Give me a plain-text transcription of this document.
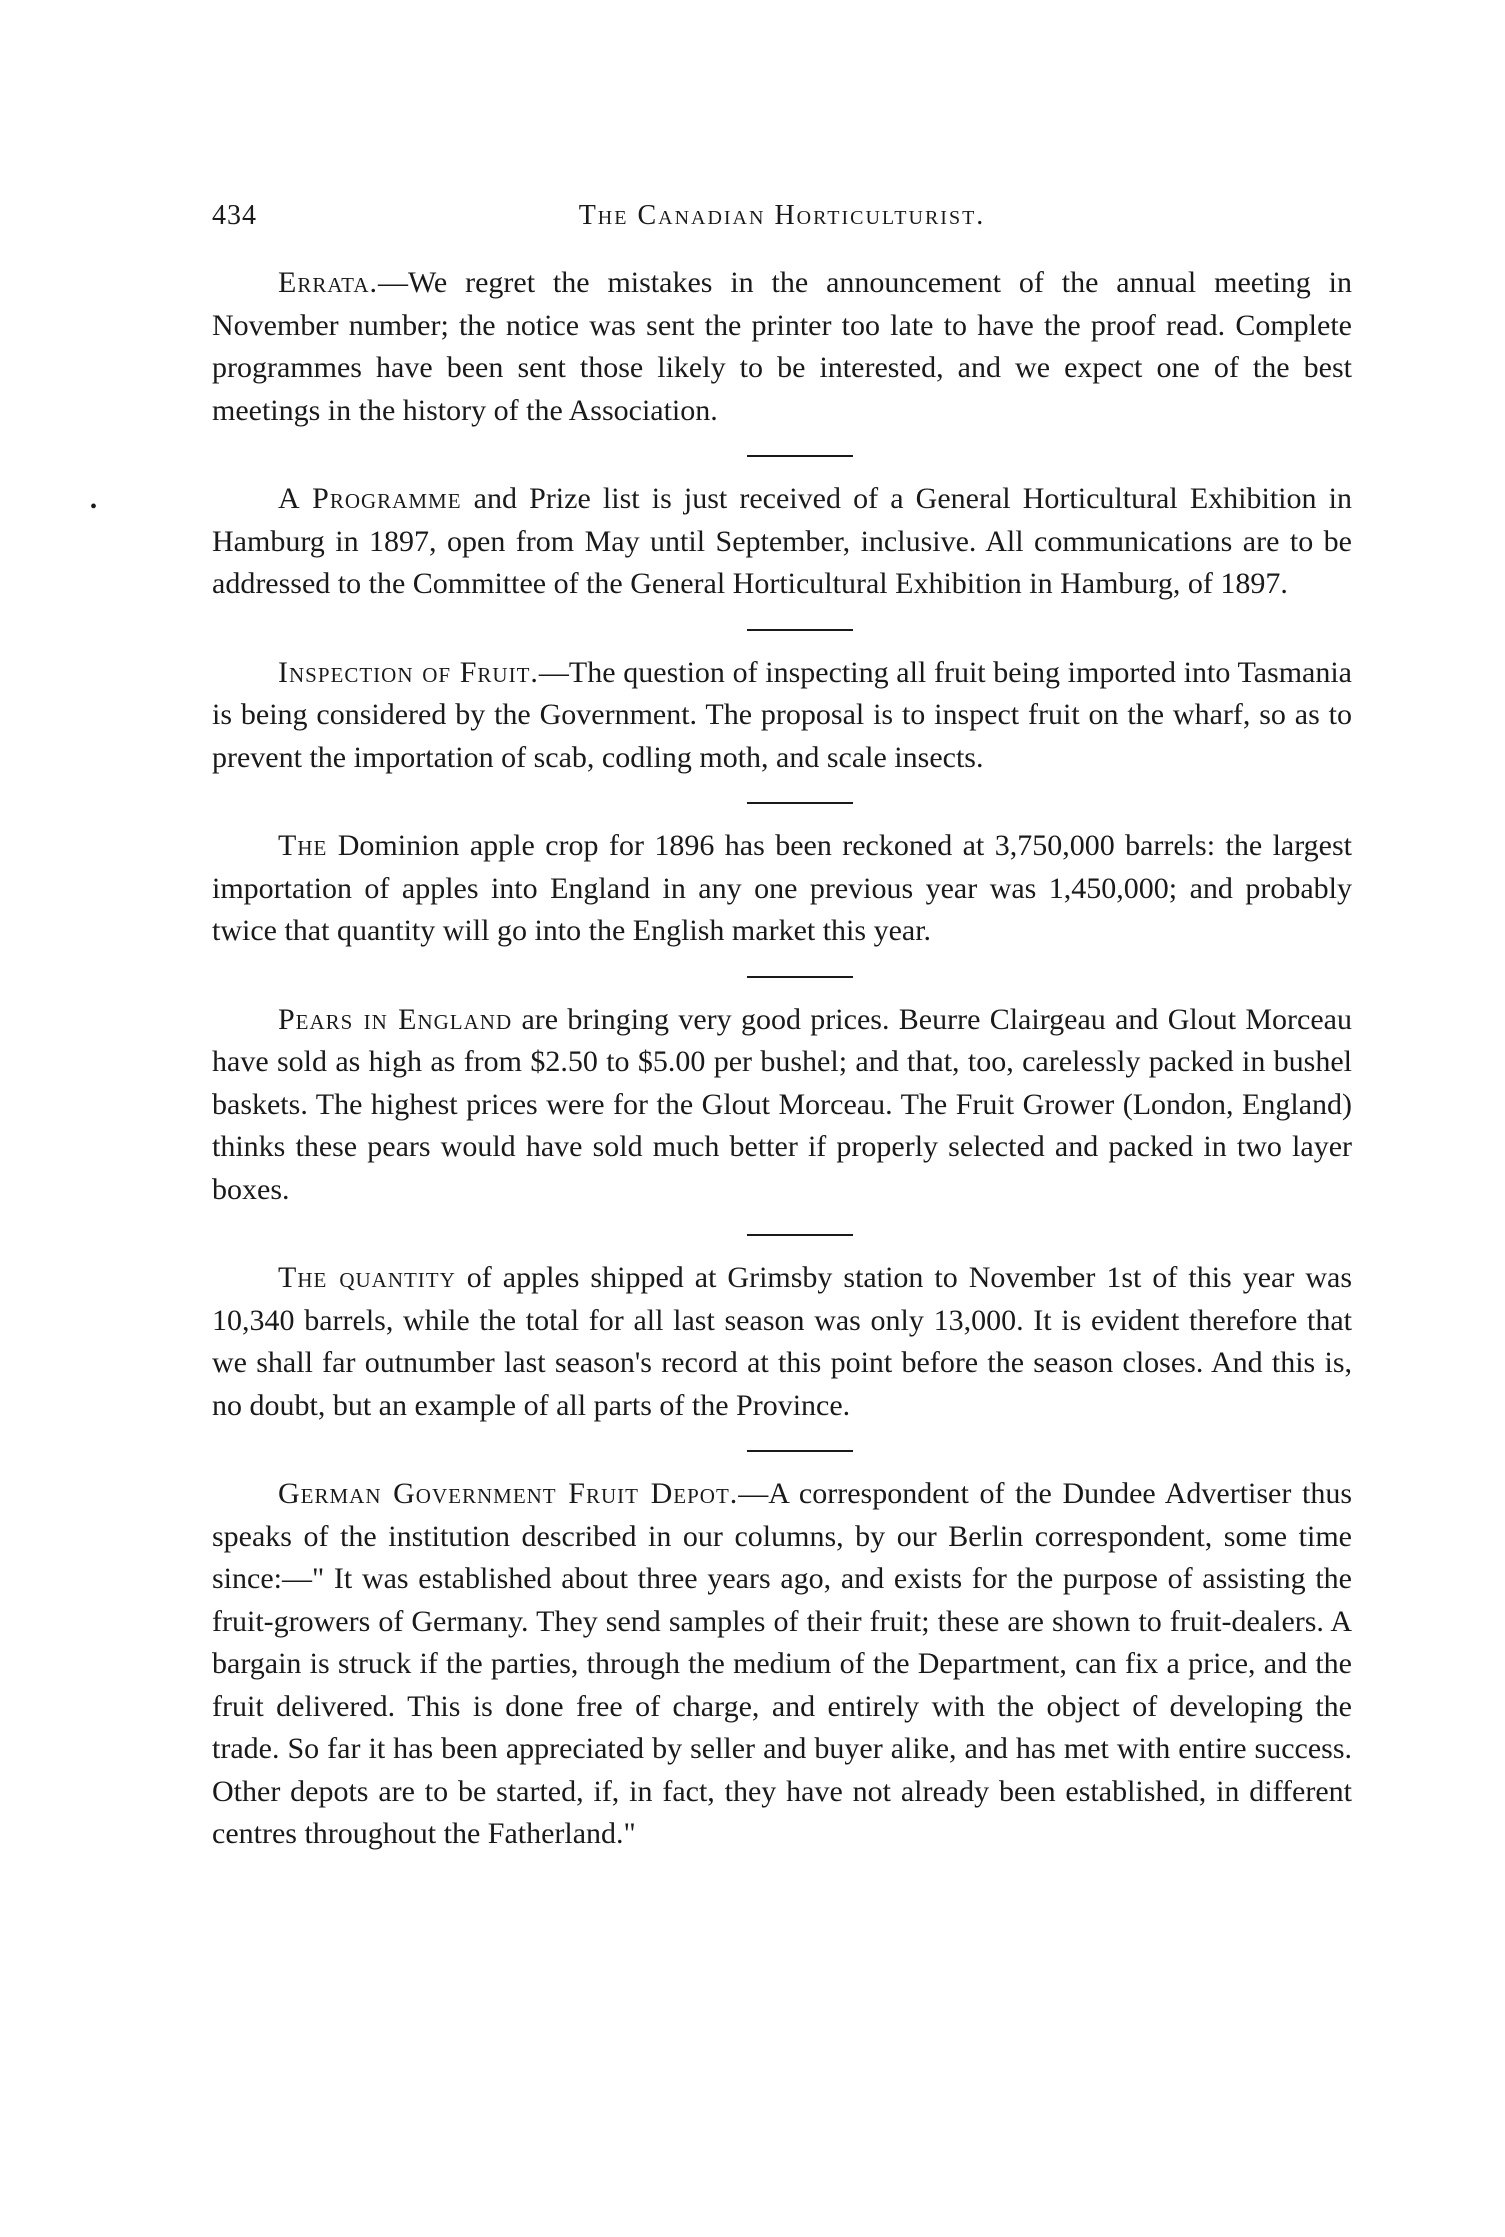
434	The Canadian Horticulturist.
•

Errata.—We regret the mistakes in the announcement of the annual meeting in November number; the notice was sent the printer too late to have the proof read. Complete programmes have been sent those likely to be interested, and we expect one of the best meetings in the history of the Association.

A Programme and Prize list is just received of a General Horticultural Exhibition in Hamburg in 1897, open from May until September, inclusive. All communications are to be addressed to the Committee of the General Horticultural Exhibition in Hamburg, of 1897.

Inspection of Fruit.—The question of inspecting all fruit being imported into Tasmania is being considered by the Government. The proposal is to inspect fruit on the wharf, so as to prevent the importation of scab, codling moth, and scale insects.

The Dominion apple crop for 1896 has been reckoned at 3,750,000 barrels: the largest importation of apples into England in any one previous year was 1,450,000; and probably twice that quantity will go into the English market this year.

Pears in England are bringing very good prices. Beurre Clairgeau and Glout Morceau have sold as high as from $2.50 to $5.00 per bushel; and that, too, carelessly packed in bushel baskets. The highest prices were for the Glout Morceau. The Fruit Grower (London, England) thinks these pears would have sold much better if properly selected and packed in two layer boxes.

The quantity of apples shipped at Grimsby station to November 1st of this year was 10,340 barrels, while the total for all last season was only 13,000. It is evident therefore that we shall far outnumber last season's record at this point before the season closes. And this is, no doubt, but an example of all parts of the Province.

German Government Fruit Depot.—A correspondent of the Dundee Advertiser thus speaks of the institution described in our columns, by our Berlin correspondent, some time since:—" It was established about three years ago, and exists for the purpose of assisting the fruit-growers of Germany. They send samples of their fruit; these are shown to fruit-dealers. A bargain is struck if the parties, through the medium of the Department, can fix a price, and the fruit delivered. This is done free of charge, and entirely with the object of developing the trade. So far it has been appreciated by seller and buyer alike, and has met with entire success. Other depots are to be started, if, in fact, they have not already been established, in different centres throughout the Fatherland."
